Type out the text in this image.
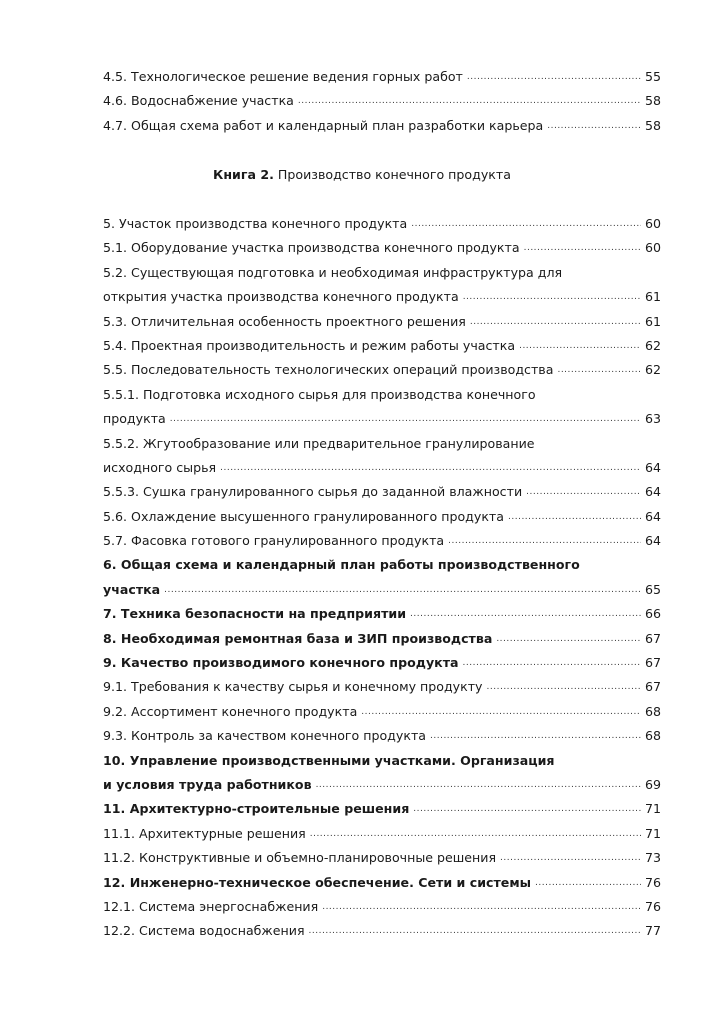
4.5. Технологическое решение ведения горных работ .....	55
4.6. Водоснабжение участка .....	58
4.7. Общая схема работ и календарный план разработки карьера .....	58
Книга 2. Производство конечного продукта
5. Участок производства конечного продукта .....	60
5.1. Оборудование участка производства конечного продукта .....	60
5.2. Существующая подготовка и необходимая инфраструктура для
открытия участка производства конечного продукта .....	61
5.3. Отличительная особенность проектного решения .....	61
5.4. Проектная производительность и режим работы участка .....	62
5.5. Последовательность технологических операций производства .....	62
5.5.1. Подготовка исходного сырья для производства конечного
продукта .....	63
5.5.2. Жгутообразование или предварительное гранулирование
исходного сырья .....	64
5.5.3. Сушка гранулированного сырья до заданной влажности .....	64
5.6. Охлаждение высушенного гранулированного продукта .....	64
5.7. Фасовка готового гранулированного продукта .....	64
6. Общая схема и календарный план работы производственного
участка .....	65
7. Техника безопасности на предприятии .....	66
8. Необходимая ремонтная база и ЗИП производства .....	67
9. Качество производимого конечного продукта .....	67
9.1. Требования к качеству сырья и конечному продукту .....	67
9.2. Ассортимент конечного продукта .....	68
9.3. Контроль за качеством конечного продукта .....	68
10. Управление производственными участками. Организация
и условия труда работников .....	69
11. Архитектурно-строительные решения .....	71
11.1. Архитектурные решения .....	71
11.2. Конструктивные и объемно-планировочные решения .....	73
12. Инженерно-техническое обеспечение. Сети и системы .....	76
12.1. Система энергоснабжения .....	76
12.2. Система водоснабжения .....	77
